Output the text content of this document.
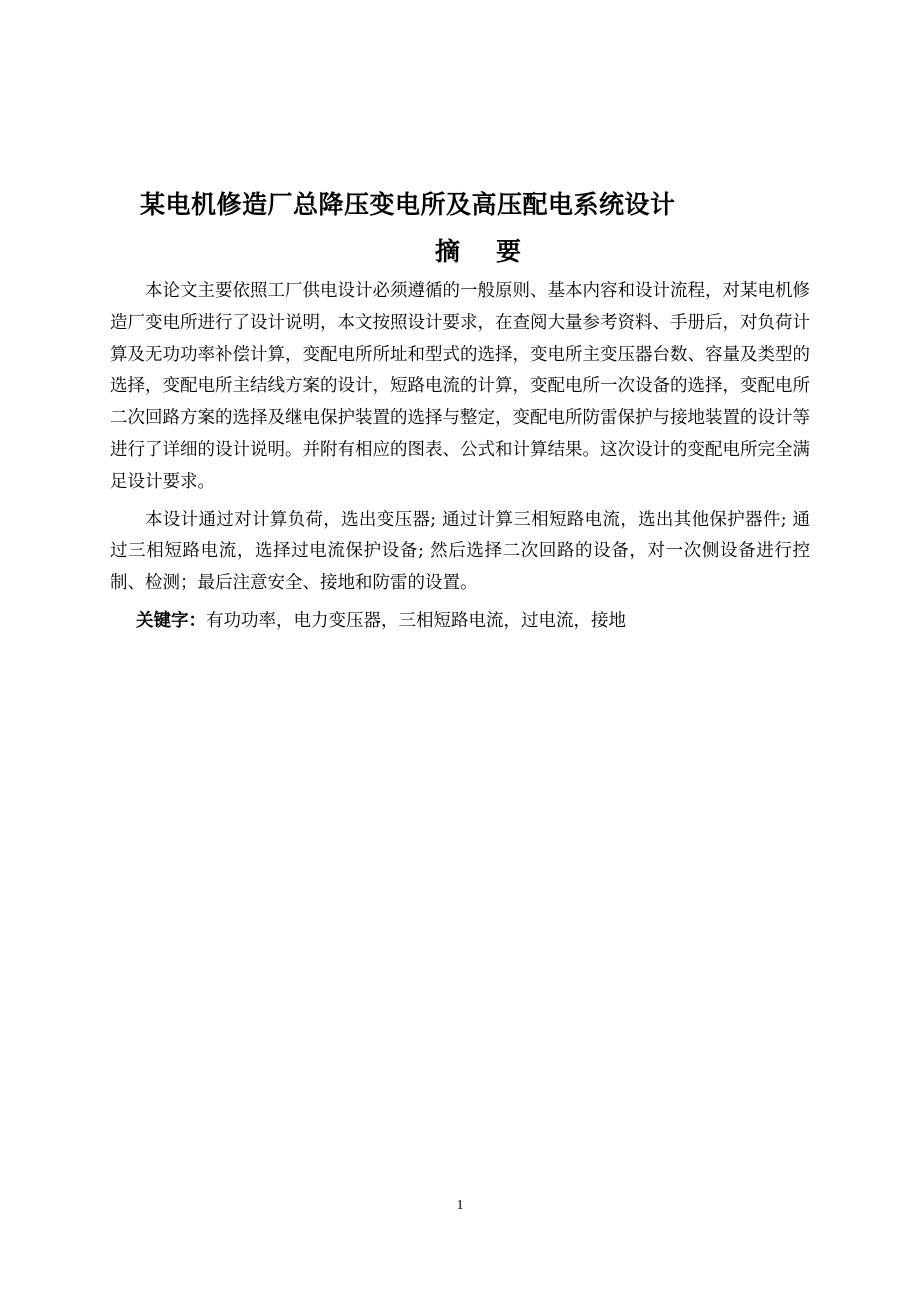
某电机修造厂总降压变电所及高压配电系统设计
摘 要

本论文主要依照工厂供电设计必须遵循的一般原则、基本内容和设计流程，对某电机修造厂变电所进行了设计说明，本文按照设计要求，在查阅大量参考资料、手册后，对负荷计算及无功功率补偿计算，变配电所所址和型式的选择，变电所主变压器台数、容量及类型的选择，变配电所主结线方案的设计，短路电流的计算，变配电所一次设备的选择，变配电所二次回路方案的选择及继电保护装置的选择与整定，变配电所防雷保护与接地装置的设计等进行了详细的设计说明。并附有相应的图表、公式和计算结果。这次设计的变配电所完全满足设计要求。

本设计通过对计算负荷，选出变压器; 通过计算三相短路电流，选出其他保护器件; 通过三相短路电流，选择过电流保护设备; 然后选择二次回路的设备，对一次侧设备进行控制、检测；最后注意安全、接地和防雷的设置。

关键字：有功功率，电力变压器，三相短路电流，过电流，接地

1
